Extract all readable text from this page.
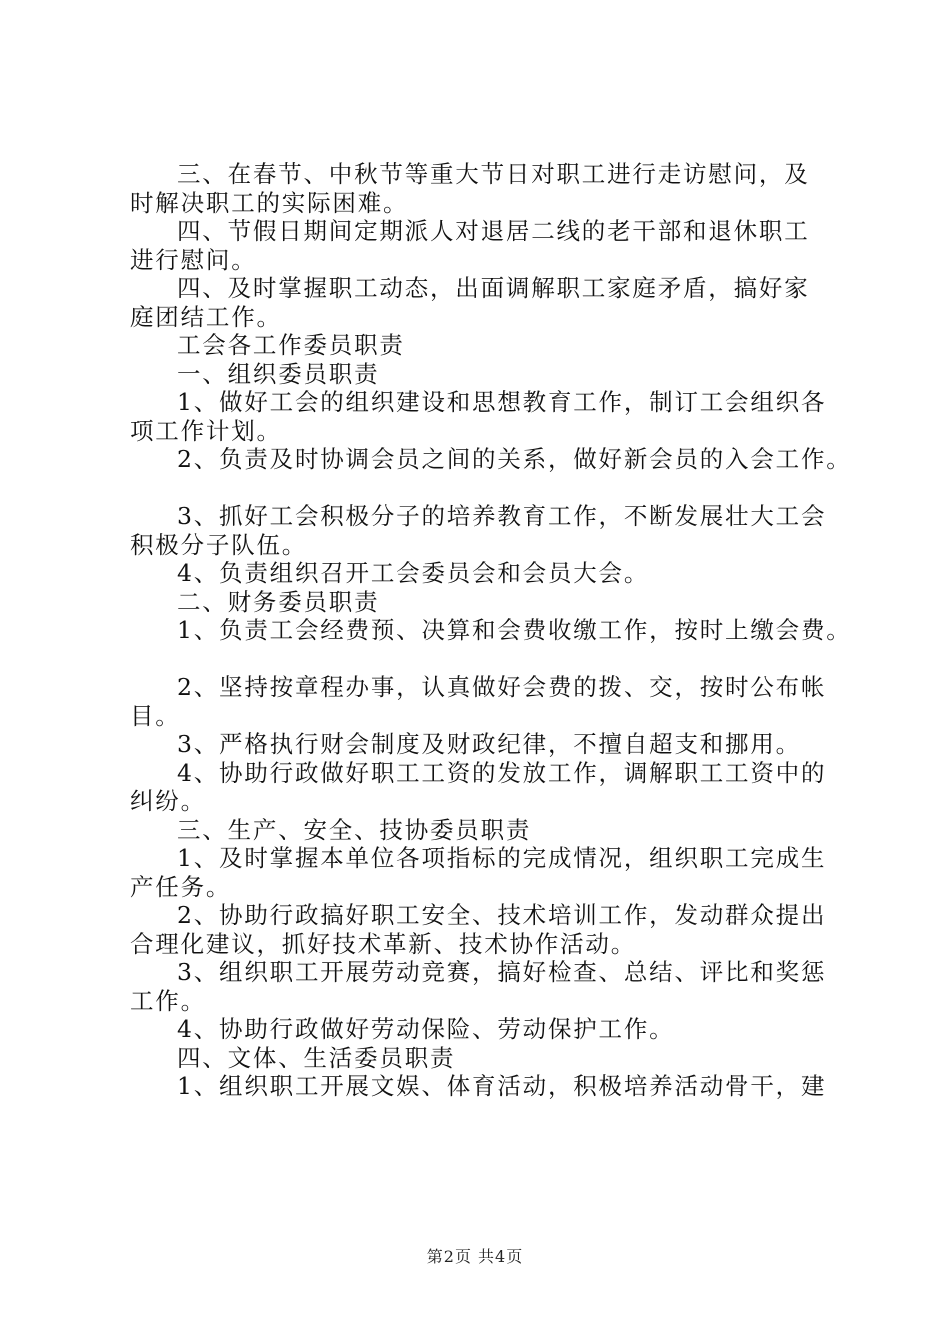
三、在春节、中秋节等重大节日对职工进行走访慰问，及
时解决职工的实际困难。
四、节假日期间定期派人对退居二线的老干部和退休职工
进行慰问。
四、及时掌握职工动态，出面调解职工家庭矛盾，搞好家
庭团结工作。
工会各工作委员职责
一、组织委员职责
1、做好工会的组织建设和思想教育工作，制订工会组织各
项工作计划。
2、负责及时协调会员之间的关系，做好新会员的入会工作。
3、抓好工会积极分子的培养教育工作，不断发展壮大工会
积极分子队伍。
4、负责组织召开工会委员会和会员大会。
二、财务委员职责
1、负责工会经费预、决算和会费收缴工作，按时上缴会费。
2、坚持按章程办事，认真做好会费的拨、交，按时公布帐
目。
3、严格执行财会制度及财政纪律，不擅自超支和挪用。
4、协助行政做好职工工资的发放工作，调解职工工资中的
纠纷。
三、生产、安全、技协委员职责
1、及时掌握本单位各项指标的完成情况，组织职工完成生
产任务。
2、协助行政搞好职工安全、技术培训工作，发动群众提出
合理化建议，抓好技术革新、技术协作活动。
3、组织职工开展劳动竞赛，搞好检查、总结、评比和奖惩
工作。
4、协助行政做好劳动保险、劳动保护工作。
四、文体、生活委员职责
1、组织职工开展文娱、体育活动，积极培养活动骨干，建
第2页 共4页
